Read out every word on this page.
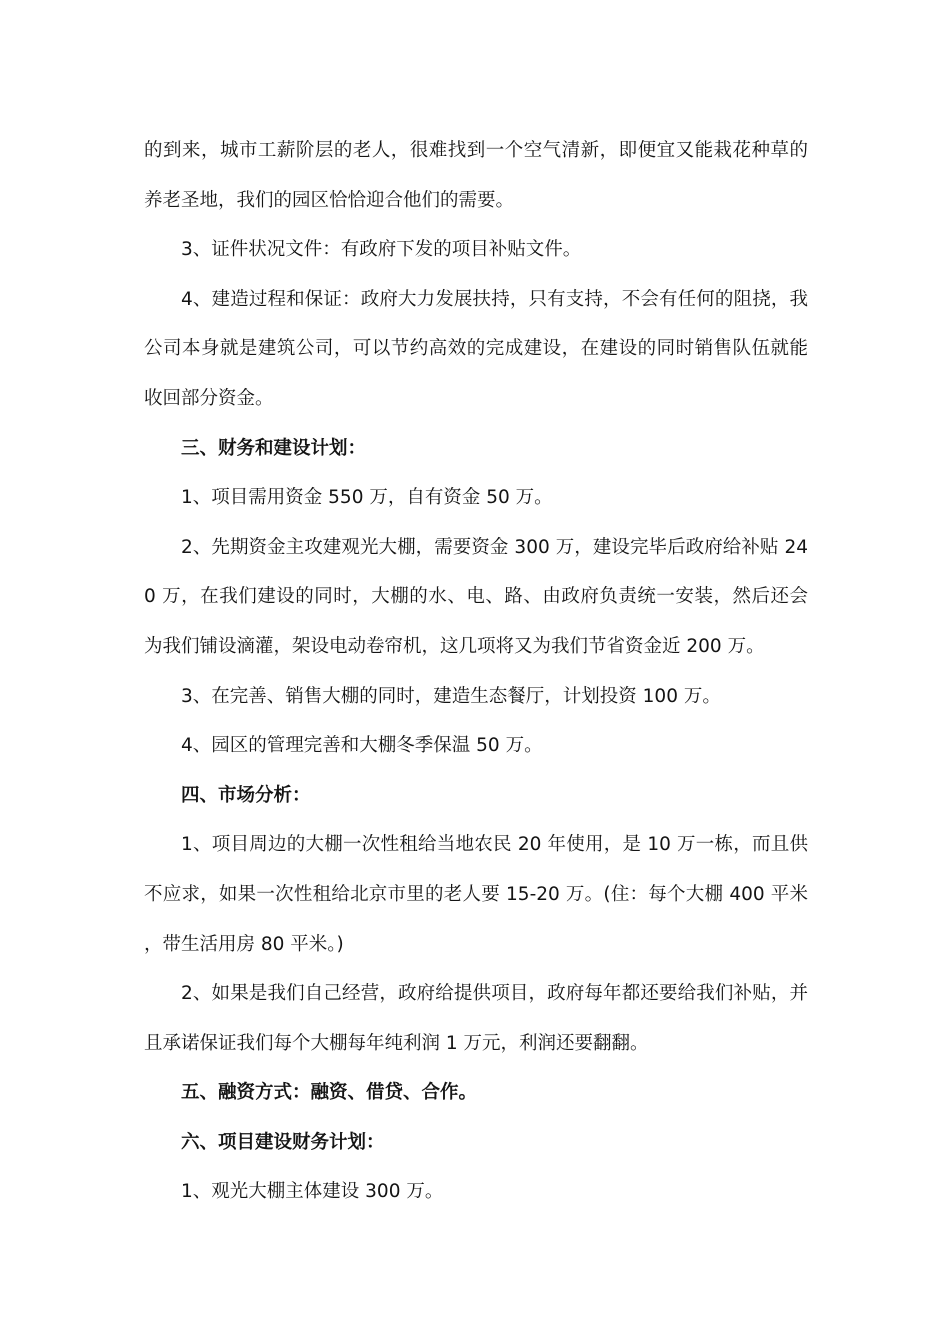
的到来，城市工薪阶层的老人，很难找到一个空气清新，即便宜又能栽花种草的养老圣地，我们的园区恰恰迎合他们的需要。

3、证件状况文件：有政府下发的项目补贴文件。

4、建造过程和保证：政府大力发展扶持，只有支持，不会有任何的阻挠，我公司本身就是建筑公司，可以节约高效的完成建设，在建设的同时销售队伍就能收回部分资金。

三、财务和建设计划：

1、项目需用资金 550 万，自有资金 50 万。

2、先期资金主攻建观光大棚，需要资金 300 万，建设完毕后政府给补贴 240 万，在我们建设的同时，大棚的水、电、路、由政府负责统一安装，然后还会为我们铺设滴灌，架设电动卷帘机，这几项将又为我们节省资金近 200 万。

3、在完善、销售大棚的同时，建造生态餐厅，计划投资 100 万。

4、园区的管理完善和大棚冬季保温 50 万。

四、市场分析：

1、项目周边的大棚一次性租给当地农民 20 年使用，是 10 万一栋，而且供不应求，如果一次性租给北京市里的老人要 15-20 万。(住：每个大棚 400 平米，带生活用房 80 平米。)

2、如果是我们自己经营，政府给提供项目，政府每年都还要给我们补贴，并且承诺保证我们每个大棚每年纯利润 1 万元，利润还要翻翻。

五、融资方式：融资、借贷、合作。

六、项目建设财务计划：

1、观光大棚主体建设 300 万。
